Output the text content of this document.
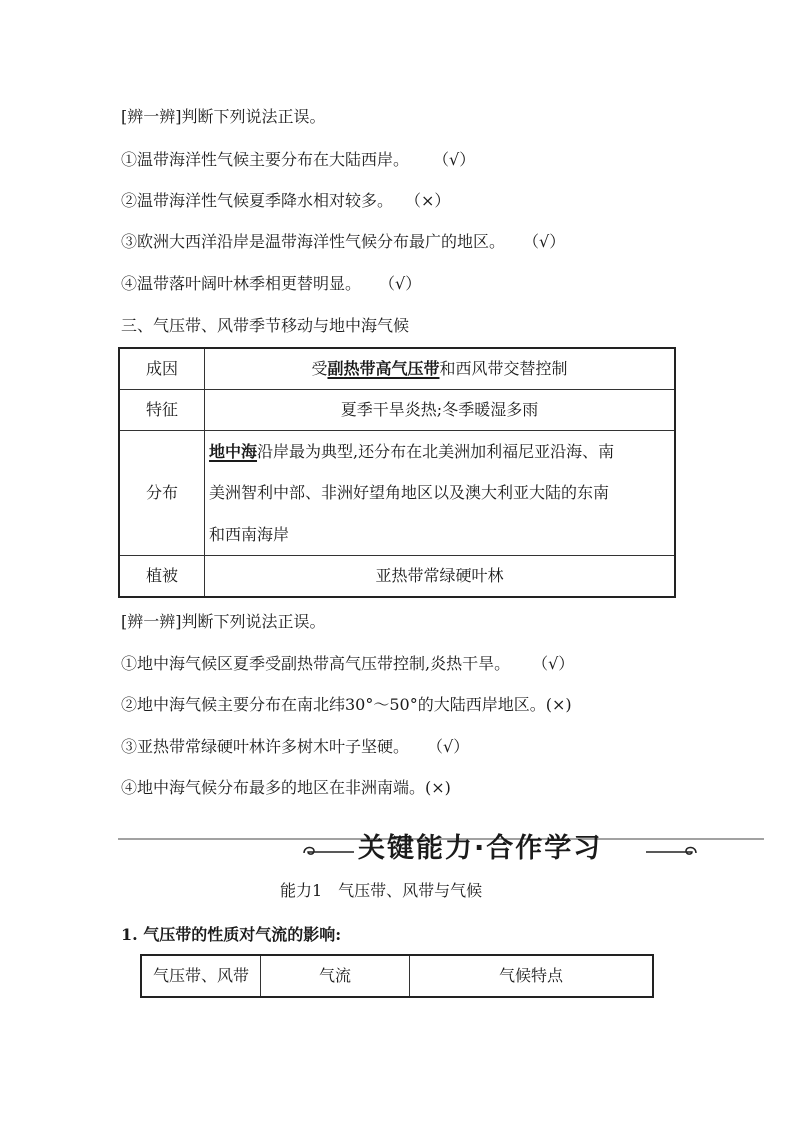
[辨一辨]判断下列说法正误。
①温带海洋性气候主要分布在大陆西岸。 （√）
②温带海洋性气候夏季降水相对较多。 （×）
③欧洲大西洋沿岸是温带海洋性气候分布最广的地区。 （√）
④温带落叶阔叶林季相更替明显。 （√）
三、气压带、风带季节移动与地中海气候
成因	受副热带高气压带和西风带交替控制
特征	夏季干旱炎热;冬季暖湿多雨
分布	地中海沿岸最为典型,还分布在北美洲加利福尼亚沿海、南
美洲智利中部、非洲好望角地区以及澳大利亚大陆的东南
和西南海岸
植被	亚热带常绿硬叶林
[辨一辨]判断下列说法正误。
①地中海气候区夏季受副热带高气压带控制,炎热干旱。 （√）
②地中海气候主要分布在南北纬30°～50°的大陆西岸地区。(×)
③亚热带常绿硬叶林许多树木叶子坚硬。 （√）
④地中海气候分布最多的地区在非洲南端。(×)
关键能力·合作学习
能力1　气压带、风带与气候
1. 气压带的性质对气流的影响:
气压带、风带	气流	气候特点
